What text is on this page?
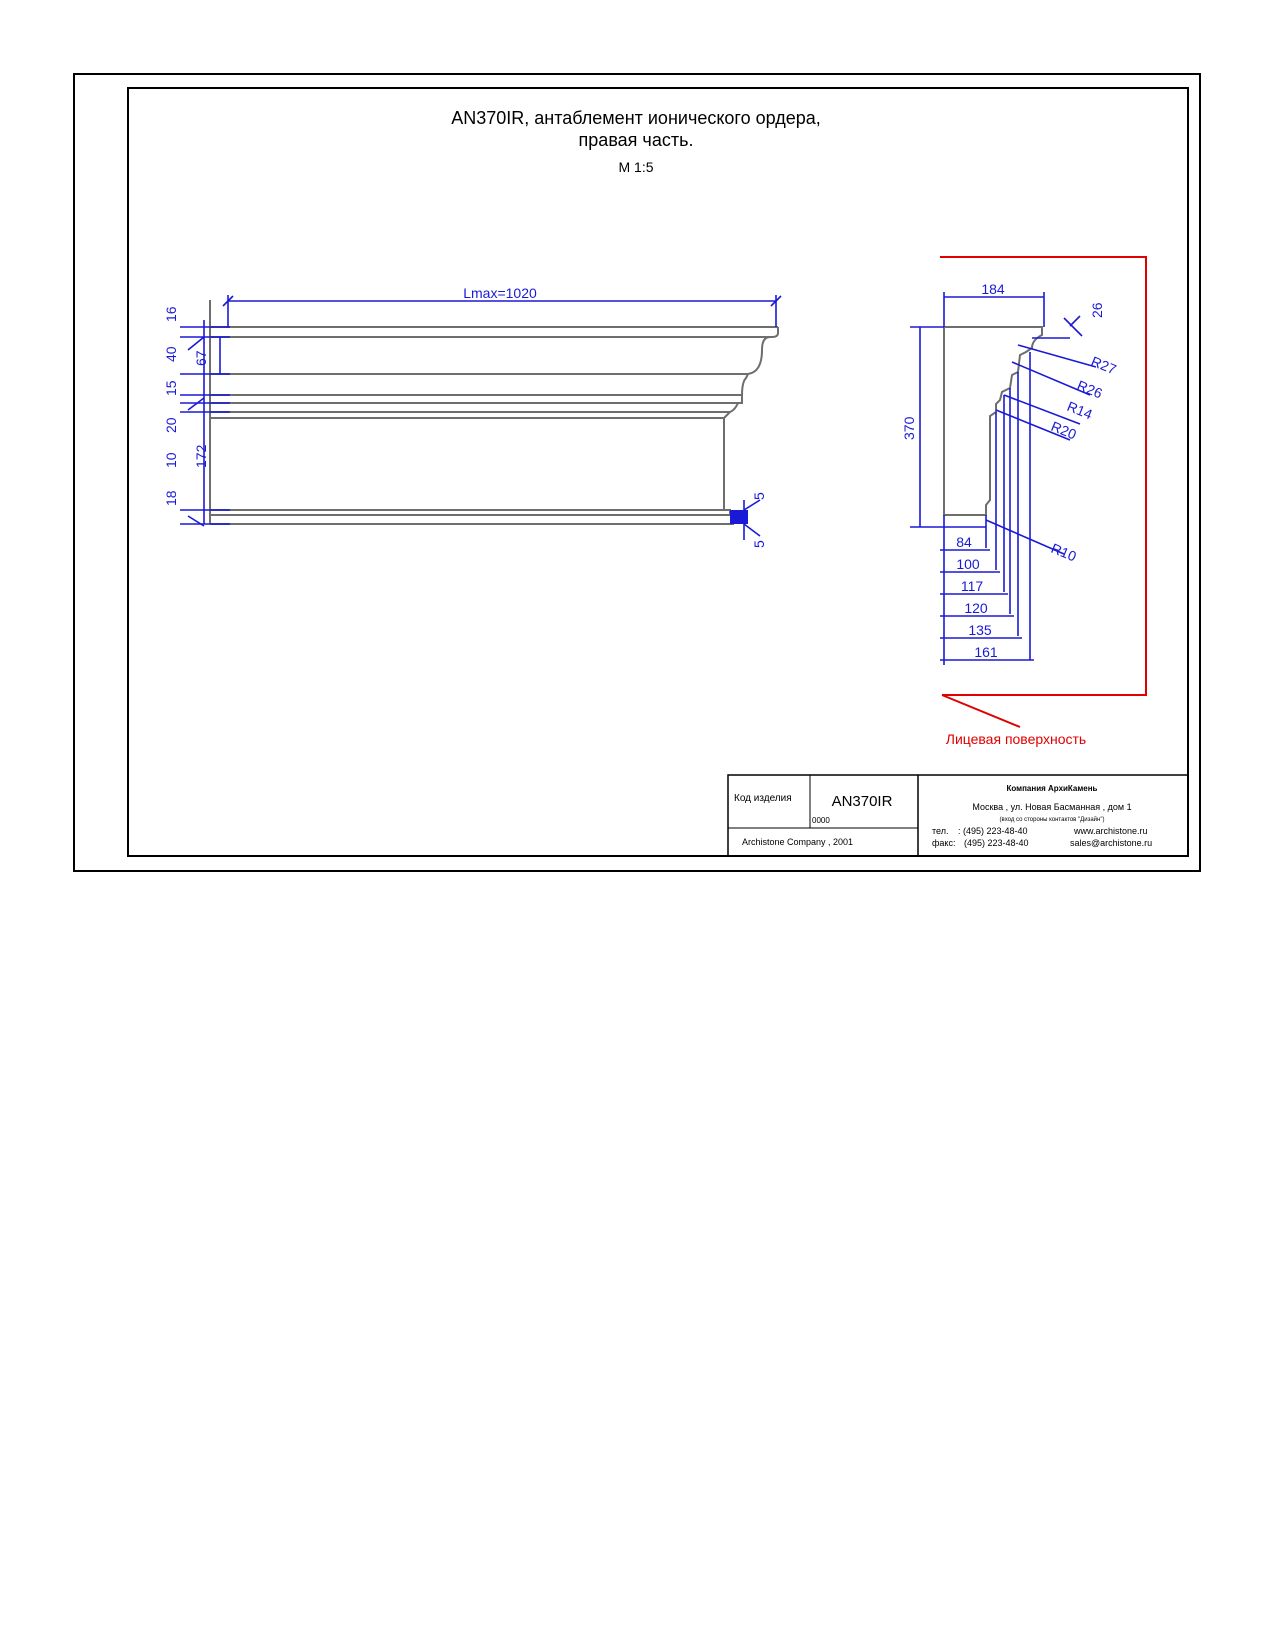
AN370IR, антаблемент ионического ордера,
правая часть.
М 1:5
Lmax=1020
16
40 67
15
20
10 172
18	5
5
Лицевая поверхность
184
26
370
R27
R26
R14
R20
R10
84
100
117
120
135
161
Код изделия	AN370IR
0000
Archistone Company , 2001
Компания АрхиКамень
Москва , ул. Новая Басманная , дом 1
(вход со стороны контактов "Дизайн")
тел. : (495) 223-48-40	www.archistone.ru
факс: (495) 223-48-40	sales@archistone.ru
